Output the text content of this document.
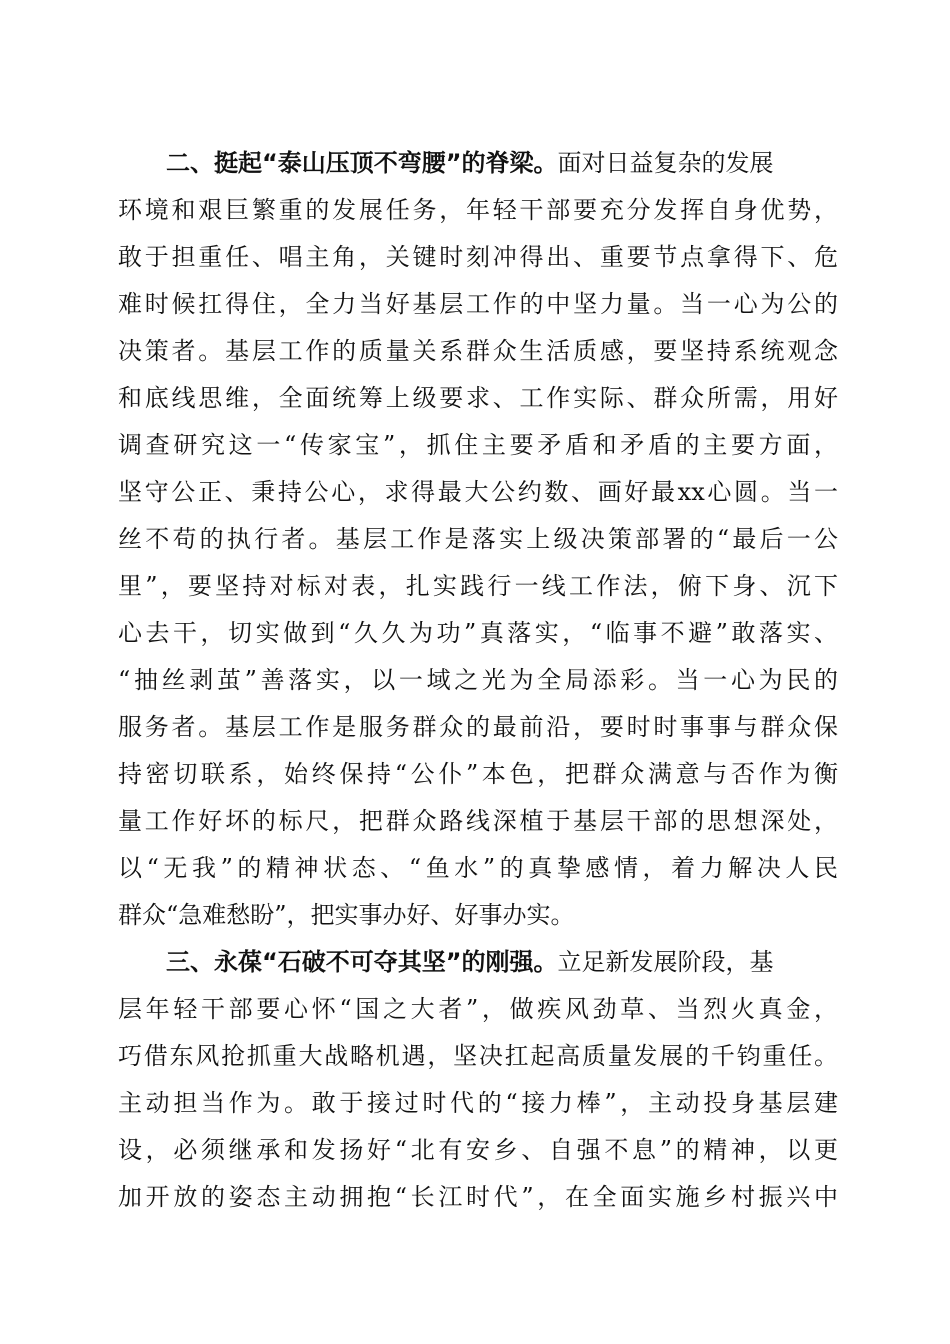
二、挺起“泰山压顶不弯腰”的脊梁。面对日益复杂的发展
环境和艰巨繁重的发展任务，年轻干部要充分发挥自身优势，
敢于担重任、唱主角，关键时刻冲得出、重要节点拿得下、危
难时候扛得住，全力当好基层工作的中坚力量。当一心为公的
决策者。基层工作的质量关系群众生活质感，要坚持系统观念
和底线思维，全面统筹上级要求、工作实际、群众所需，用好
调查研究这一“传家宝”，抓住主要矛盾和矛盾的主要方面，
坚守公正、秉持公心，求得最大公约数、画好最xx心圆。当一
丝不苟的执行者。基层工作是落实上级决策部署的“最后一公
里”，要坚持对标对表，扎实践行一线工作法，俯下身、沉下
心去干，切实做到“久久为功”真落实，“临事不避”敢落实、
“抽丝剥茧”善落实，以一域之光为全局添彩。当一心为民的
服务者。基层工作是服务群众的最前沿，要时时事事与群众保
持密切联系，始终保持“公仆”本色，把群众满意与否作为衡
量工作好坏的标尺，把群众路线深植于基层干部的思想深处，
以“无我”的精神状态、“鱼水”的真挚感情，着力解决人民
群众“急难愁盼”，把实事办好、好事办实。
三、永葆“石破不可夺其坚”的刚强。立足新发展阶段，基
层年轻干部要心怀“国之大者”，做疾风劲草、当烈火真金，
巧借东风抢抓重大战略机遇，坚决扛起高质量发展的千钧重任。
主动担当作为。敢于接过时代的“接力棒”，主动投身基层建
设，必须继承和发扬好“北有安乡、自强不息”的精神，以更
加开放的姿态主动拥抱“长江时代”，在全面实施乡村振兴中
